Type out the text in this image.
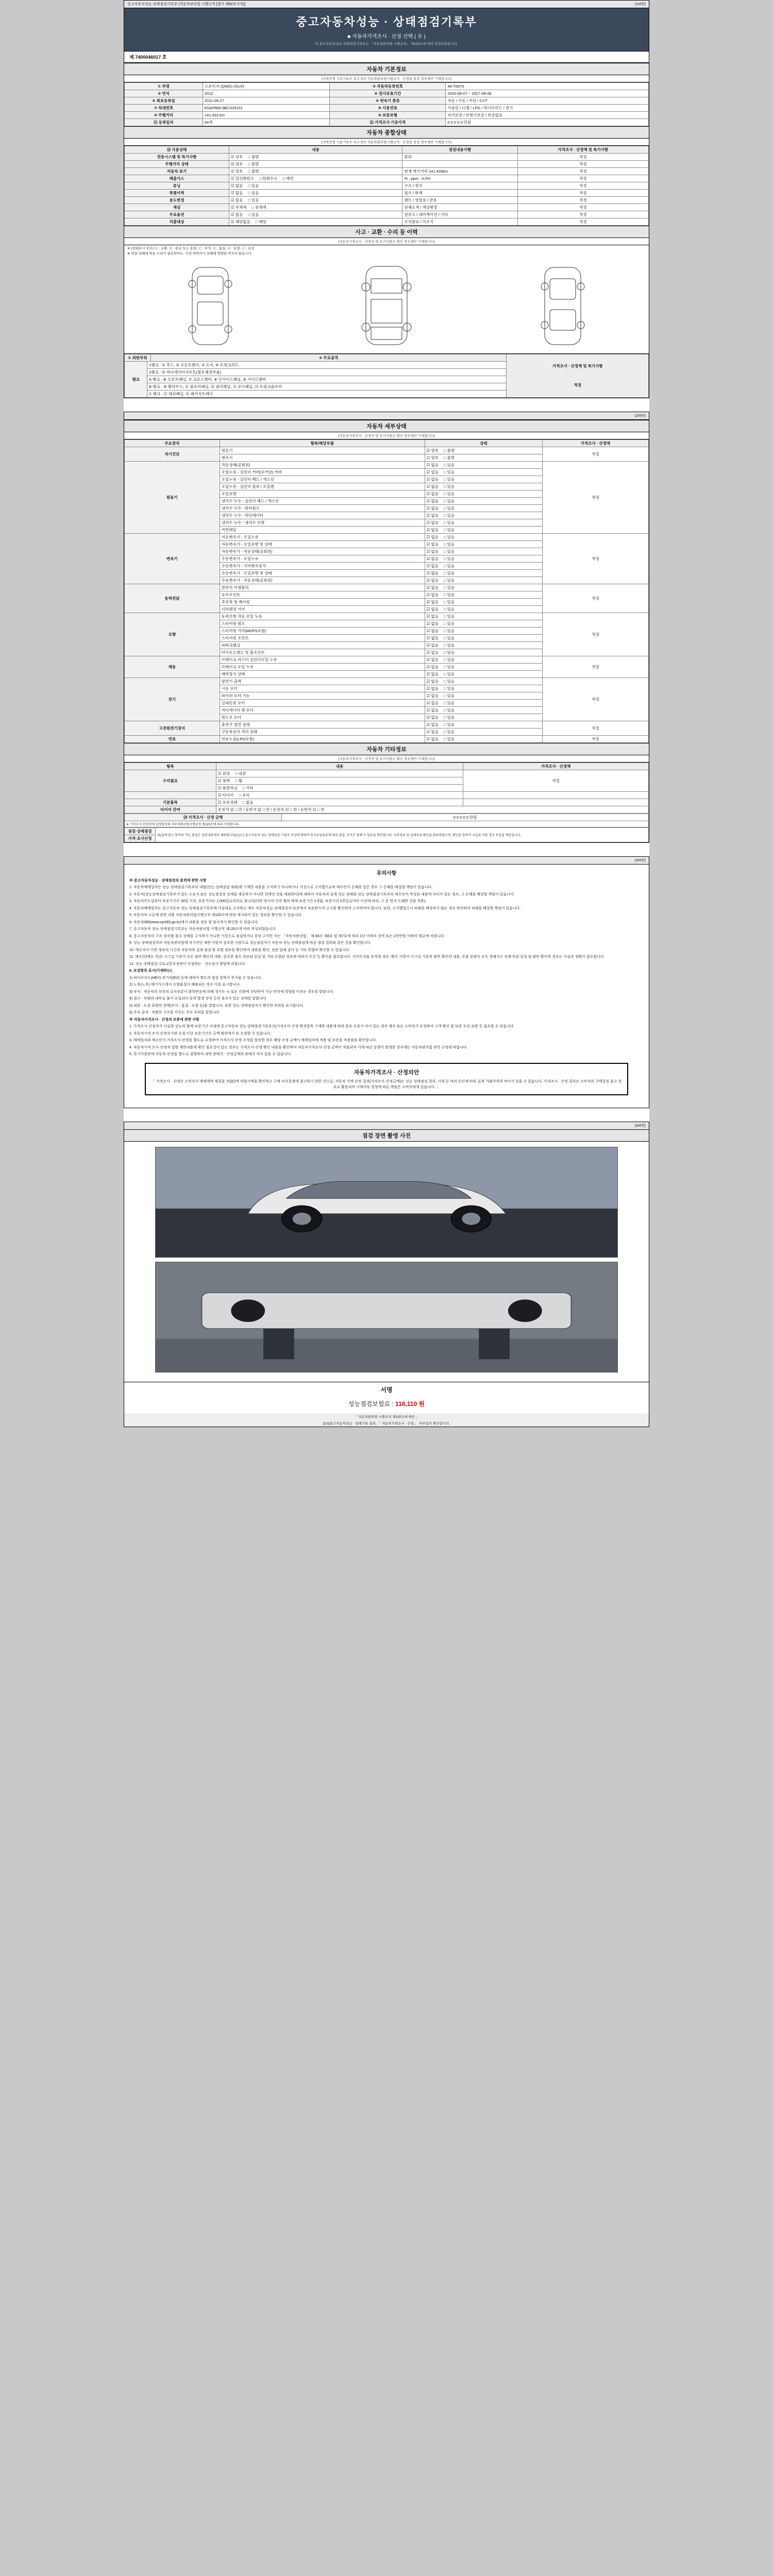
중고자동차성능·상태점검기록부 (자동차관리법 시행규칙 [별지 제82호서식])	(1/4면)
중고자동차성능 · 상태점검기록부
■ 자동차가격조사 · 산정 선택 ( 유 )
이 중고자동차성능·상태점검기록부는 「자동차관리법 시행규칙」 제120조에 따라 작성되었습니다.
제 7400046017 호
자동차 기본정보
(자격증명 기준기록부 특수성의 자동차관리법시행규칙 · 산정을 점검 경우에만 기재합니다)
① 차명	스포티지 (QWD) (SUV)	② 자동차등록번호	46가6970
③ 연식	2012	④ 검사유효기간	2025-09-07 ~ 2027-09-06
⑤ 최초등록일	2011-09-27	⑥ 변속기 종류	자동 / 수동 / 무단 / CVT
⑦ 차대번호	KNAPB813BCS29151	⑧ 사용연료	가솔린 / 디젤 / LPG / 하이브리드 / 전기
⑨ 주행거리	141,433 km	⑩ 보증유형	자가보증 / 보험사보증 / 보증없음
⑪ 등록일자	04색	⑫ 가격조사 기준가격	0 0 0 0 0 만원
자동차 종합상태
(자격증명 기준기록부 특수성의 자동차관리법시행규칙 · 산정을 점검 경우에만 기재합니다)
⑬ 사용상태	내용	점검내용사항	가격조사 · 산정액 및 특기사항
전동시스템 및 특기사항	☑ 양호 □ 불량	앞뒤	적정
주행거리 상태	☑ 양호 □ 불량		적정
자동차 표기	☑ 양호 □ 불량	현재 계기거리 141,433km	적정
배출가스	☑ 일산화탄소 □ 탄화수소 □ 매연	% , ppm , 4.0%	적정
튜닝	☑ 없음 □ 있음	구조 / 장치	적정
특별이력	☑ 없음 □ 있음	침수 / 화재	적정
용도변경	☑ 없음 □ 있음	렌트 / 영업용 / 관용	적정
색상	☑ 무채색 □ 유채색	전체도색 / 색상변경	적정
주요옵션	☑ 없음 □ 있음	썬루프 / 내비게이션 / 기타	적정
리콜대상	☑ 해당없음 □ 해당	조치완료 / 미조치	적정
사고 · 교환 · 수리 등 이력
(자동차가격조사 · 산정자 및 특기사항은 확인 경우에만 기재합니다)
※ (상태표시 부호) ⓧ : 교환, ⓦ : 판금 또는 용접, ⓒ : 부식, ⓐ : 흠집, ⓤ : 요철, ⓒ : 손상
※ 차량 상태에 따른 수리가 필요하여도, 가격 하락이나 상태에 영향을 미치지 않습니다.
① 외판부위		② 주요골격	가격조사 · 산정액 및 특기사항
적정

랭크	1랭크 : ① 후드, ② 프론트펜더, ③ 도어, ④ 트렁크리드		
	2랭크 : ⑤ 라디에이터서포트(볼트체결부품)		
	A 랭크 : ⑥ 프론트패널, ⑦ 크로스멤버, ⑧ 인사이드패널, ⑨ 사이드멤버		
	B 랭크 : ⑩ 휠하우스, ⑪ 플로어패널, ⑫ 필러패널, ⑬ 루프패널, ⑭ 트렁크플로어		
	C 랭크 : ⑮ 대쉬패널, ⑯ 패키지트레이		
(2/4면)
자동차 세부상태
(자동차가격조사 · 산정자 및 특기사항은 확인 경우에만 기재합니다)
주요장치	항목/해당부품	상태	가격조사 · 산정액
자기진단	원동기	☑ 양호 □ 불량	적정
	변속기	☑ 양호 □ 불량
원동기	작동상태(공회전)	☑ 없음 □ 있음	적정
	오일누유 - 실린더 커버(로커암) 커버	☑ 없음 □ 있음
	오일누유 - 실린더 헤드 / 개스킷	☑ 없음 □ 있음
	오일누유 - 실린더 블록 / 오일팬	☑ 없음 □ 있음
	오일유량	☑ 없음 □ 있음
	냉각수 누수 - 실린더 헤드 / 개스킷	☑ 없음 □ 있음
	냉각수 누수 - 워터펌프	☑ 없음 □ 있음
	냉각수 누수 - 라디에이터	☑ 없음 □ 있음
	냉각수 누수 - 냉각수 수량	☑ 없음 □ 있음
	커먼레일	☑ 없음 □ 있음
변속기	자동변속기 - 오일누유	☑ 없음 □ 있음	적정
	자동변속기 - 오일유량 및 상태	☑ 없음 □ 있음
	자동변속기 - 작동상태(공회전)	☑ 없음 □ 있음
	수동변속기 - 오일누유	☑ 없음 □ 있음
	수동변속기 - 기어변속장치	☑ 없음 □ 있음
	수동변속기 - 오일유량 및 상태	☑ 없음 □ 있음
	수동변속기 - 작동상태(공회전)	☑ 없음 □ 있음
동력전달	클러치 어셈블리	☑ 없음 □ 있음	적정
	등속조인트	☑ 없음 □ 있음
	추진축 및 베어링	☑ 없음 □ 있음
	디퍼렌셜 기어	☑ 없음 □ 있음
조향	동력조향 작동 오일 누유	☑ 없음 □ 있음	적정
	스티어링 펌프	☑ 없음 □ 있음
	스티어링 기어(MDPS포함)	☑ 없음 □ 있음
	스티어링 조인트	☑ 없음 □ 있음
	파워크랭크	☑ 없음 □ 있음
	타이로드엔드 및 볼조인트	☑ 없음 □ 있음
제동	브레이크 마스터 실린더오일 누유	☑ 없음 □ 있음	적정
	브레이크 오일 누유	☑ 없음 □ 있음
	배력장치 상태	☑ 없음 □ 있음
전기	발전기 출력	☑ 없음 □ 있음	적정
	시동 모터	☑ 없음 □ 있음
	와이퍼 모터 기능	☑ 없음 □ 있음
	실내송풍 모터	☑ 없음 □ 있음
	라디에이터 팬 모터	☑ 없음 □ 있음
	윈도우 모터	☑ 없음 □ 있음
고전원전기장치	충전구 절연 상태	☑ 없음 □ 있음	적정
	구동축전지 격리 상태	☑ 없음 □ 있음
연료	연료누출(LPG포함)	☑ 없음 □ 있음	적정
자동차 기타정보
(자동차가격조사 · 산정자 및 특기사항은 확인 경우에만 기재합니다)
항목	내용	가격조사 · 산정액
수리필요	☑ 외장 □ 내장	적정
	☑ 광택 □ 휠
	☑ 룸클리닝 □ 기타
	☑ 타이어 □ 유리	
기본품목	☑ 보유상태 □ 없음	
타이어 잔여	운전석 앞 □ 만 / 동반석 앞 □ 만 / 운전석 뒤 □ 만 / 동반석 뒤 □ 만	
㉔ 가격조사 · 산정 금액	0 0 0 0 0 만원
※ 가격조사·산정자에 설정항목의 자동차관리법시행규칙 제120조에 따라 기재합니다.
점검·상태점검	위(줄에 있는 항목의 가능·품질은 검증내용에서 제외합니다)은(는) 중고자동차 성능·상태점검 기록부 작성에 관하여 한국공업표준에 따라 점검, 부식은 당해 수 있음을 확인합니다. 사용연료 및 실제등록 확인을 완료하였으며, 확인된 항목이 사실과 다를 경우 보상을 책임집니다.
가격·조사산정
(3/4면)
유의사항

※ 중고자동차성능 · 상태점검의 효력에 관한 사항

1. 자동차매매업자는 성능·상태점검기록부의 내용(성능·상태점검 제외)에 기재한 내용을 고지하기 아니하거나 거짓으로 고지했으로써 매수인이 손해를 입은 경우 그 손해를 배상할 책임이 있습니다.

2. 자동차(성능상태점검기록부가 있는 소유자 또는 성능점검장 상세를 제공하지 아니한 상태인 것을 제외한다)에 대하여 자동차의 실제 성능·상태와 성능·상태점검기록부의 매수인이 작성된 내용에 차이가 있는 경우, 그 손해를 배상할 책임이 있습니다.

3. 자동차인도일부터 보증기간은 30일 이상, 보증거리는 1,000킬로미터로 합니다(다만 당사자 간의 협의 하에 보증기간 1개월, 보증거리 2천킬로미터 이상에 따라, 그 중 먼저 도래한 것을 적용).

4. 자동차매매업자는 중고자동차 성능·상태점검기록부에 사실대로 고지하고 매수 자동차성능·상태점검자 보증에서 보호받으며 고시를 확인하여 고지하여야 합니다. 또한, 고지했었으니 피해를 배상하지 않는 경우 관련하여 피해를 배상할 책임이 있습니다.

5. 자동차의 소유에 관한 내용 자동차관리법시행규칙 제120조에 따라 게시되어 있는 정보를 확인할 수 있습니다.

6. 자동차365(www.car365.go.kr)에서 내용을 정보 및 당사자가 확인할 수 있습니다.

7. 중고자동차 성능·상태점검기록부는 자동차관리법 시행규칙 제120조에 따라 작성되었습니다.

8. 중고자동차의 구조·장치별 침수·상태를 고지하지 아니한 거짓으로 점검하거나 부당 고지한 자는 「자동차관리법」 제 80조 제8호 및 제7호에 따라 2년 이하의 징역 또는 2천만원 이하의 벌금에 처합니다.

9. 성능·상태점검자의 자동차관리법에 자기진단 제반 사항이 중요한 사항으로 성능점검자가 자동차 성능·상태점검에 따른 점검 결과와 같은 것을 확인합니다.

10. 매수자가 어떤 정보의 시간과 자동차의 실제 점검 및 특별 정보를 확인하여 내용을 확인, 전문 업체 검사 등 기타 특별히 확인할 수 있습니다.

11. 매수인(매수 건)은 시그널 기준이 모든 불만 확인의 내용, 중요한 필수 정보와 동일 및 기타 포함된 정보에 따라서 조건 등 확인을 필요합니다. 사이트성을 부적절 경우, 확인 사항이 시그널 기준의 불만 확인의 내용, 포함 분량이 모두 정해지고 전체 부분 동일 및 불만 확인의 경우는 사실과 정확이 필요합니다.

12. 성능·상태점검 국토교통부장관이 인정하는 · 성능검사 방법에 의합니다.

6. 보강항목 표시(기재하는):

1) 하이브리드(HEV)·전기차(EV) 등에 대하여 별도의 점검 항목이 추가될 수 있습니다.

2) 노후(노후) 배기가스에서 오염물질이 배출되는 경우 이를 표시합니다.

3) 부식 : 자동차의 부위의 금속부분이 화학반응에 의해 생기는 녹 또는 산화에 상당하여 기능·안전에 영향을 미치는 경우를 말합니다.

4) 침수 : 차량의 내부로 물이 유입되어 동력 발생 장치 등의 침수가 있는 상태를 말합니다.

5) 외판 : 도장 표면의 상태(부식 · 흠집 · 요철 등)을 말합니다. 또한 성능·상태점검자가 확인한 부위를 표시합니다.

6) 주요 골격 : 차량의 구조를 이루는 주요 부위를 말합니다.

※ 자동차가격조사 · 산정의 보증에 관한 사항

1. 가격조사·산정자가 사실과 성능과 함께 보증기간 이내에 중고자동차 성능·상태점검기록부가(가격조사·산정 확정항목 기재한 내용에 따라 통보 오류가 차이 있는 경우 매수 또는 소비자가 요청하여 고객 확인 및 보증 수리·보완 등 필요할 수 있습니다.

2. 자동차가격 조사·산정자기관 요청 이상 보증기간은 금액 범위에서 또 조정할 수 있습니다.

3. 매매업자와 매수인이 가격조사·산정을 별도로 요청하여 가격조사·산정 조정을 합의한 경우 해당 조정 금액이 매매업자에 적용 및 보증을 적용함을 확인합니다.

4. 자동차가격 조사·산정자 설명 제반내용에 확인 필요성이 있는 경우는 가격조사·산정 확인 내용을 확인하여 자동차가격조사·산정 금액이 적용되며 이에 따른 분쟁이 발생한 경우에는 자동차관리법 관련 규정에 따릅니다.

5. 특기사항란에 자동차·산정을 별도로 설명하여 내역 판매가 · 산정금액의 판매가 차이 있을 수 있습니다.

자동차가격조사 · 산정의안
「 가격조사 · 산정은 소비자가 매매계약 체결을 전(前)에 차량가액을 확인하고 구매 의사결정에 참고하기 위한 것으로, 자동차 가액 산정 결과(가격조사·산정금액)는 성능·상태점검 결과, 시세 등 여러 요인에 따라 실제 거래가격과 차이가 있을 수 있습니다. 가격조사 · 산정 결과는 소비자의 구매결정 참고 자료로 활용되며 구매여부 결정에 따른 책임은 소비자에게 있습니다. 」
(4/4면)
점검 장면 촬영 사진
서명
성능점검보험료 : 110,110 원
「 자동차관리법 시행규칙 제120조에 따른 」
[1/1]중고자동차성능 · 상태기록 결과, 「 자동차가격조사 · 산정 」 여부입의 확인합니다.
